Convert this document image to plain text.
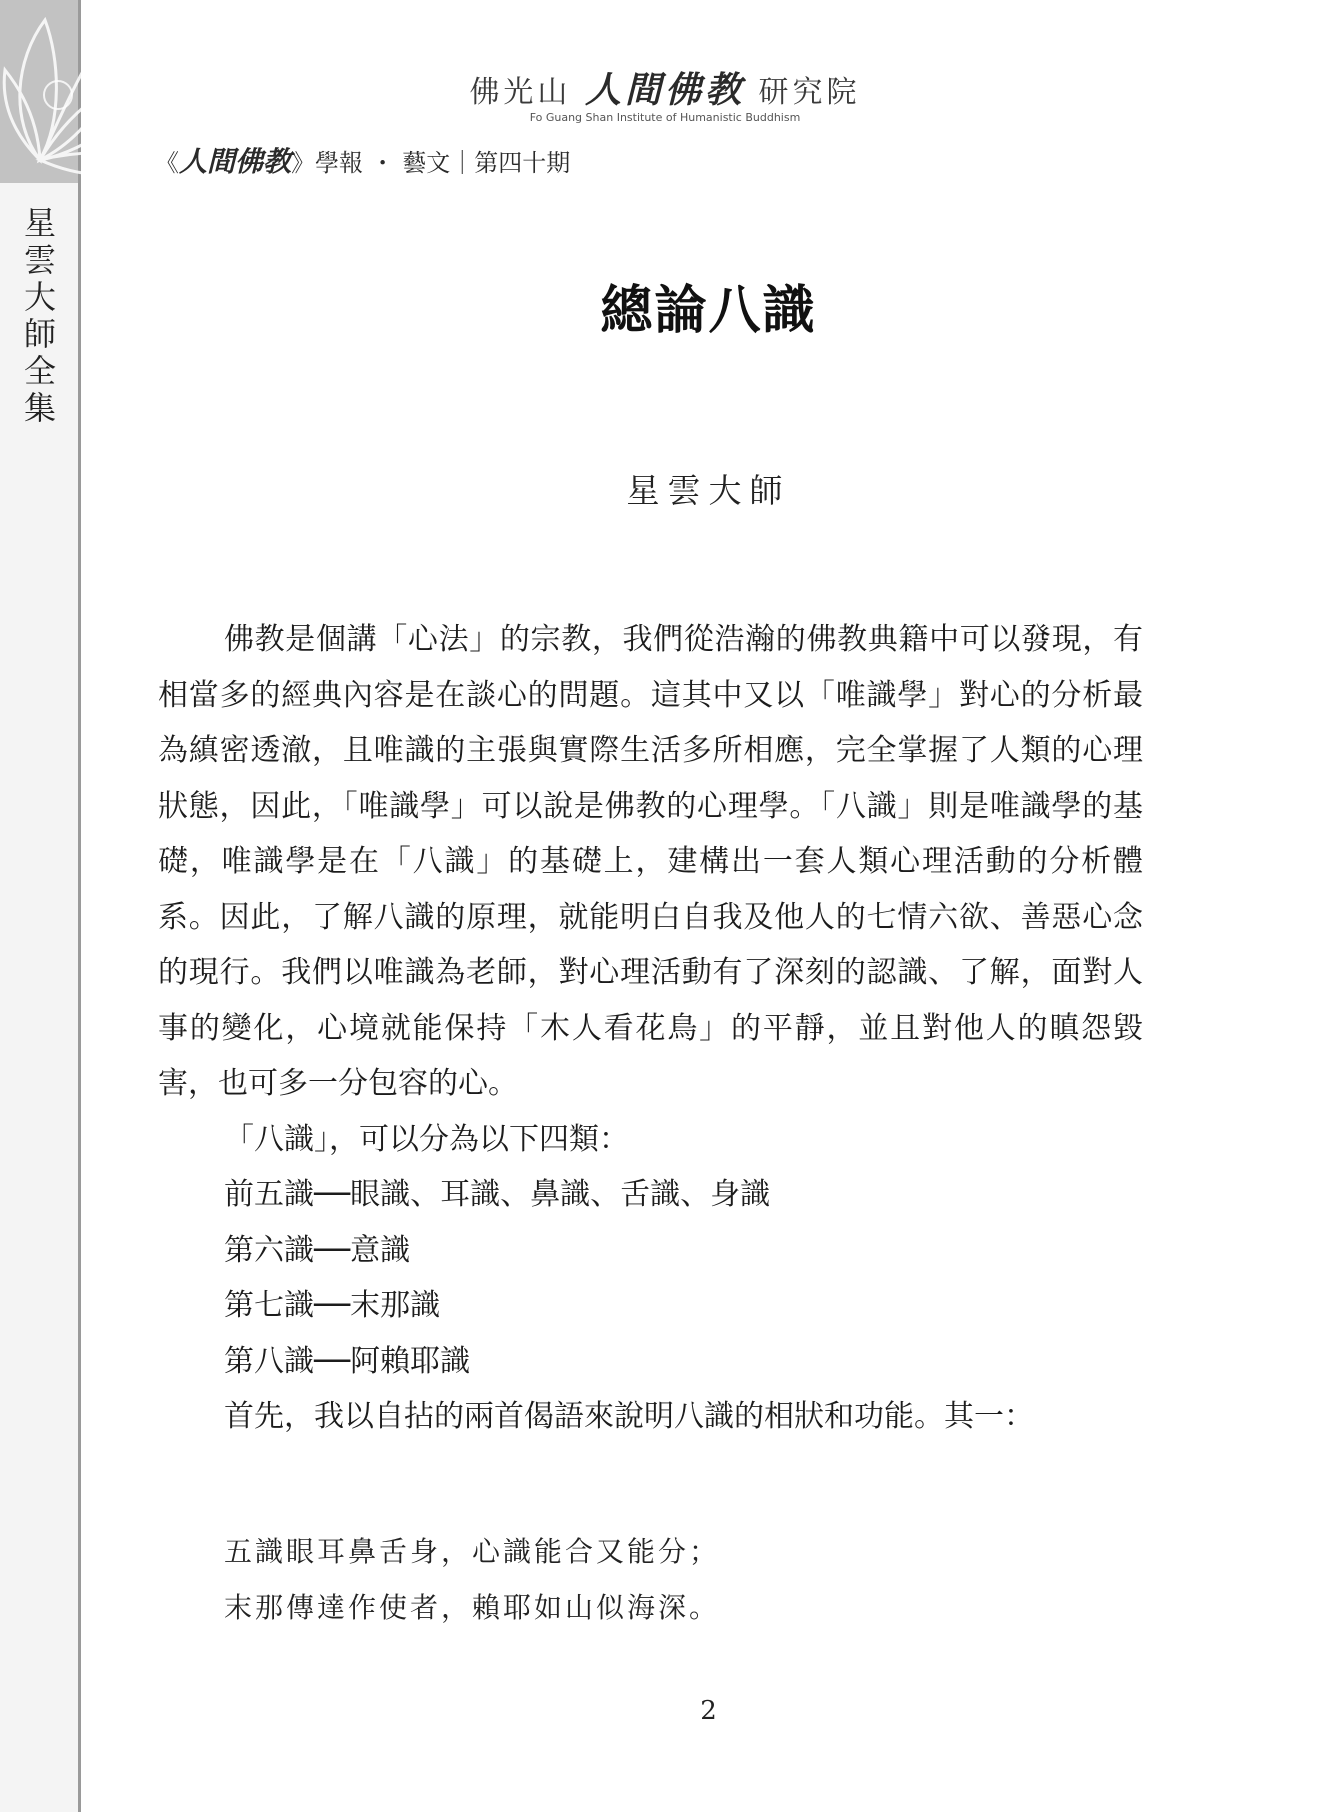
星雲大師全集
佛光山 人間佛教 研究院
Fo Guang Shan Institute of Humanistic Buddhism
《人間佛教》學報 ・ 藝文｜第四十期
總論八識
星雲大師

佛教是個講「心法」的宗教，我們從浩瀚的佛教典籍中可以發現，有相當多的經典內容是在談心的問題。這其中又以「唯識學」對心的分析最為縝密透澈，且唯識的主張與實際生活多所相應，完全掌握了人類的心理狀態，因此，「唯識學」可以說是佛教的心理學。「八識」則是唯識學的基礎，唯識學是在「八識」的基礎上，建構出一套人類心理活動的分析體系。因此，了解八識的原理，就能明白自我及他人的七情六欲、善惡心念的現行。我們以唯識為老師，對心理活動有了深刻的認識、了解，面對人事的變化，心境就能保持「木人看花鳥」的平靜，並且對他人的瞋怨毀害，也可多一分包容的心。

「八識」，可以分為以下四類：
前五識──眼識、耳識、鼻識、舌識、身識
第六識──意識
第七識──末那識
第八識──阿賴耶識
首先，我以自拈的兩首偈語來說明八識的相狀和功能。其一：
五識眼耳鼻舌身，心識能合又能分；
末那傳達作使者，賴耶如山似海深。
2
